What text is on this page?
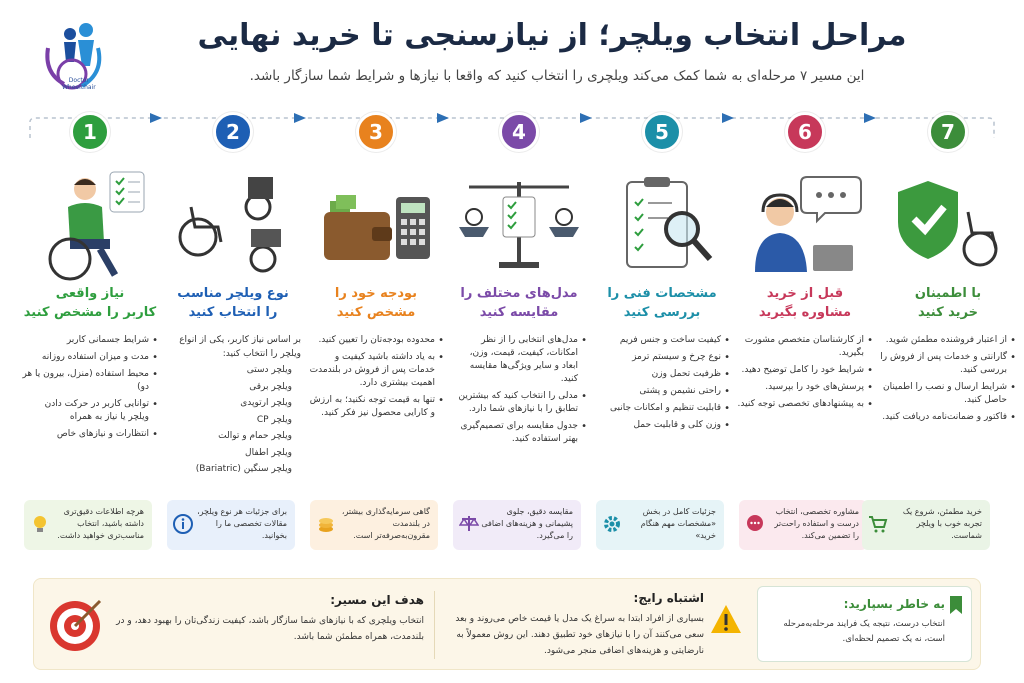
Doctor
Wheelchair
مراحل انتخاب ویلچر؛ از نیازسنجی تا خرید نهایی
این مسیر ۷ مرحله‌ای به شما کمک می‌کند ویلچری را انتخاب کنید که واقعا با نیازها و شرایط شما سازگار باشد.
1
نیاز واقعی
کاربر را مشخص کنید
• شرایط جسمانی کاربر
• مدت و میزان استفاده روزانه
• محیط استفاده (منزل، بیرون یا هر دو)
• توانایی کاربر در حرکت دادن ویلچر یا نیاز به همراه
• انتظارات و نیازهای خاص
2
نوع ویلچر مناسب
را انتخاب کنید
بر اساس نیاز کاربر، یکی از انواع ویلچر را انتخاب کنید:
ویلچر دستی
ویلچر برقی
ویلچر ارتوپدی
ویلچر CP
ویلچر حمام و توالت
ویلچر اطفال
ویلچر سنگین (Bariatric)
3
بودجه خود را
مشخص کنید
• محدوده بودجه‌تان را تعیین کنید.
• به یاد داشته باشید کیفیت و خدمات پس از فروش در بلندمدت اهمیت بیشتری دارد.
• تنها به قیمت توجه نکنید؛ به ارزش و کارایی محصول نیز فکر کنید.
4
مدل‌های مختلف را
مقایسه کنید
• مدل‌های انتخابی را از نظر امکانات، کیفیت، قیمت، وزن، ابعاد و سایر ویژگی‌ها مقایسه کنید.
• مدلی را انتخاب کنید که بیشترین تطابق را با نیازهای شما دارد.
• جدول مقایسه برای تصمیم‌گیری بهتر استفاده کنید.
5
مشخصات فنی را
بررسی کنید
• کیفیت ساخت و جنس فریم
• نوع چرخ و سیستم ترمز
• ظرفیت تحمل وزن
• راحتی نشیمن و پشتی
• قابلیت تنظیم و امکانات جانبی
• وزن کلی و قابلیت حمل
6
قبل از خرید
مشاوره بگیرید
• از کارشناسان متخصص مشورت بگیرید.
• شرایط خود را کامل توضیح دهید.
• پرسش‌های خود را بپرسید.
• به پیشنهادهای تخصصی توجه کنید.
7
با اطمینان
خرید کنید
• از اعتبار فروشنده مطمئن شوید.
• گارانتی و خدمات پس از فروش را بررسی کنید.
• شرایط ارسال و نصب را اطمینان حاصل کنید.
• فاکتور و ضمانت‌نامه دریافت کنید.
هرچه اطلاعات دقیق‌تری داشته باشید، انتخاب مناسب‌تری خواهید داشت.
برای جزئیات هر نوع ویلچر، مقالات تخصصی ما را بخوانید.
گاهی سرمایه‌گذاری بیشتر، در بلندمدت مقرون‌به‌صرفه‌تر است.
مقایسه دقیق، جلوی پشیمانی و هزینه‌های اضافی را می‌گیرد.
جزئیات کامل در بخش «مشخصات مهم هنگام خرید»
مشاوره تخصصی، انتخاب درست و استفاده راحت‌تر را تضمین می‌کند.
خرید مطمئن، شروع یک تجربه خوب با ویلچر شماست.
هدف این مسیر:
انتخاب ویلچری که با نیازهای شما سازگار باشد، کیفیت زندگی‌تان را بهبود دهد، و در بلندمدت، همراه مطمئن شما باشد.
اشتباه رایج:
بسیاری از افراد ابتدا به سراغ یک مدل یا قیمت خاص می‌روند و بعد سعی می‌کنند آن را با نیازهای خود تطبیق دهند. این روش معمولاً به نارضایتی و هزینه‌های اضافی منجر می‌شود.
به خاطر بسپارید:
انتخاب درست، نتیجه یک فرایند مرحله‌به‌مرحله است، نه یک تصمیم لحظه‌ای.
